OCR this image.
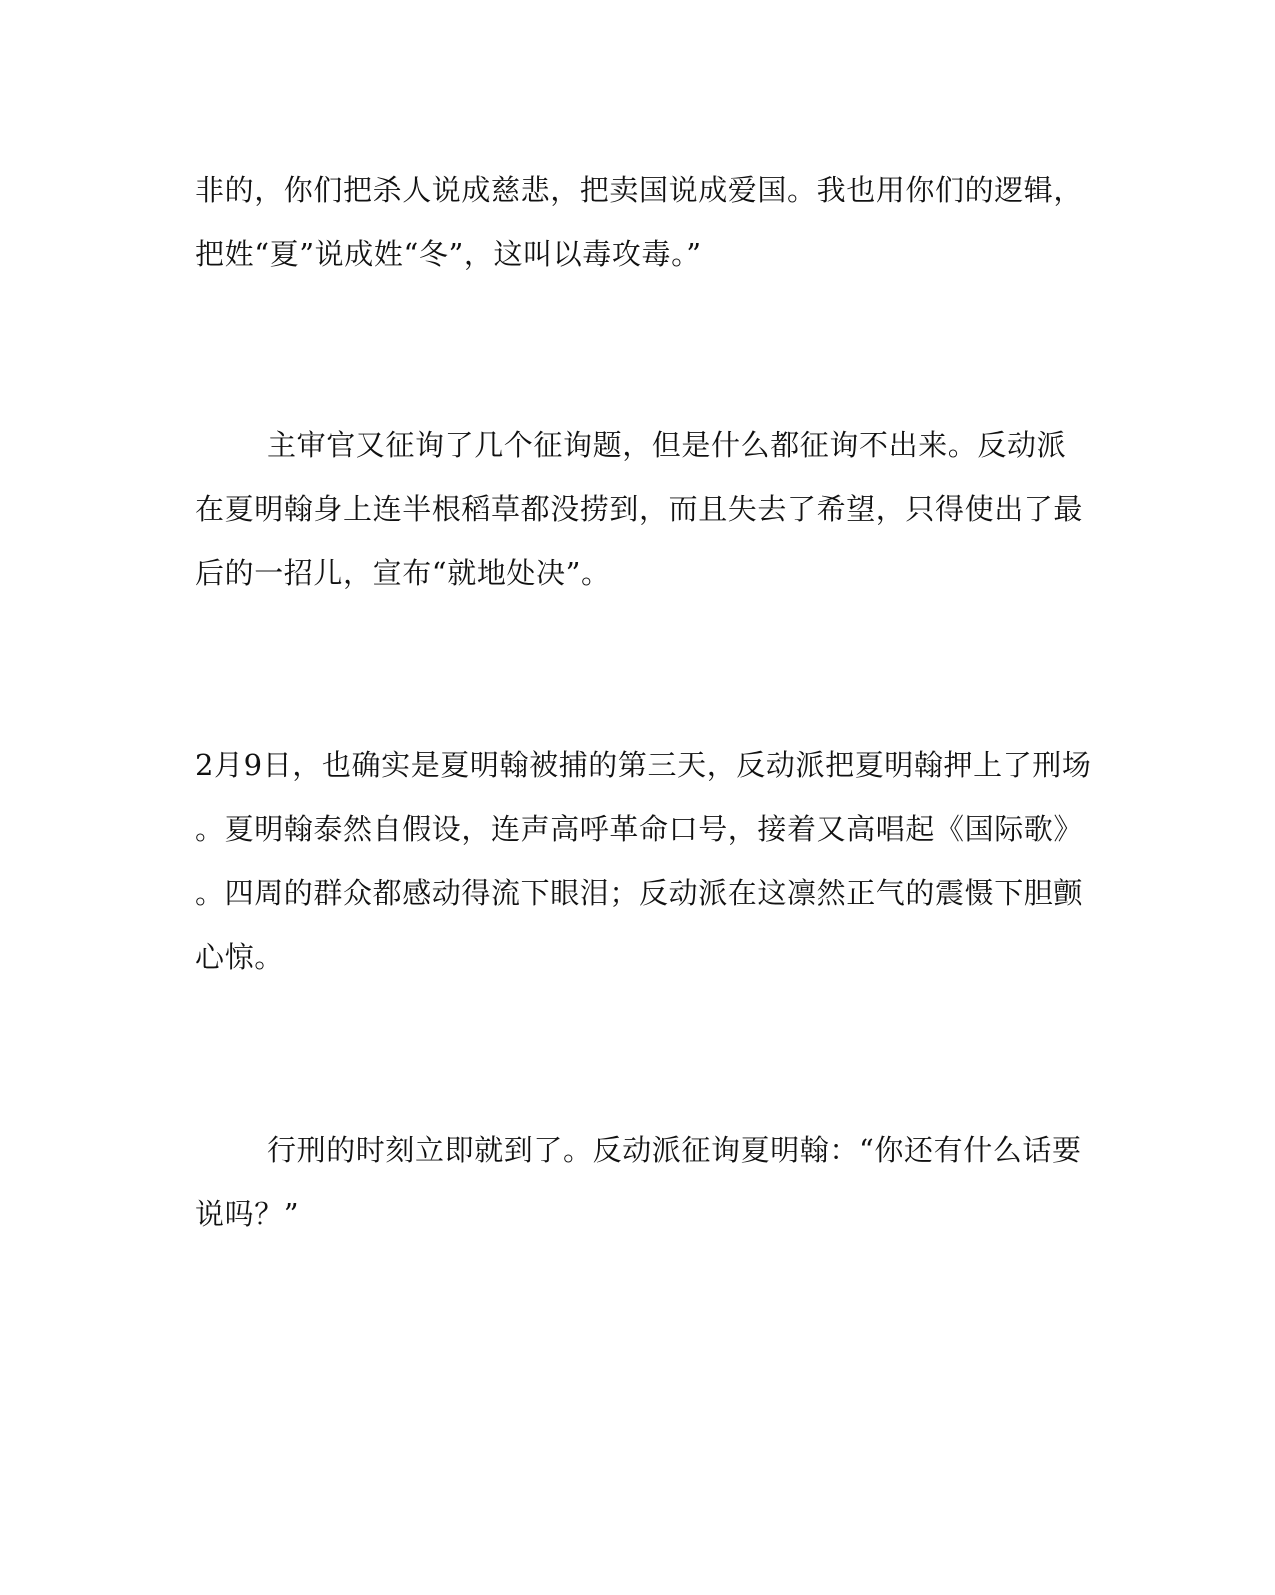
非的，你们把杀人说成慈悲，把卖国说成爱国。我也用你们的逻辑，
把姓“夏”说成姓“冬”，这叫以毒攻毒。”

主审官又征询了几个征询题，但是什么都征询不出来。反动派
在夏明翰身上连半根稻草都没捞到，而且失去了希望，只得使出了最
后的一招儿，宣布“就地处决”。

2月9日，也确实是夏明翰被捕的第三天，反动派把夏明翰押上了刑场
。夏明翰泰然自假设，连声高呼革命口号，接着又高唱起《国际歌》
。四周的群众都感动得流下眼泪；反动派在这凛然正气的震慑下胆颤
心惊。

行刑的时刻立即就到了。反动派征询夏明翰：“你还有什么话要
说吗？”
